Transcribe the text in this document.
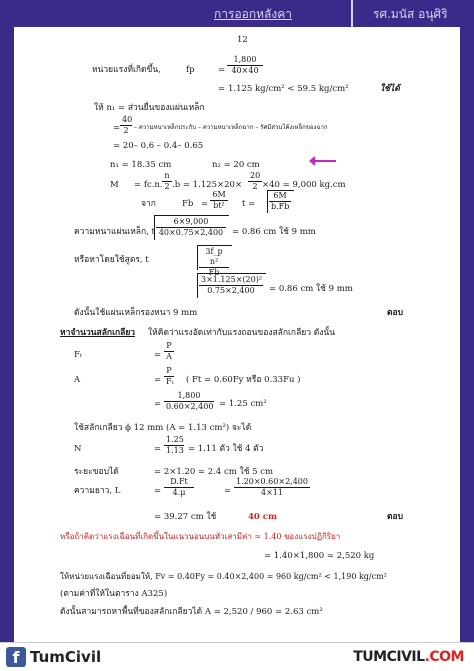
การออกหลังคา	รศ.มนัส อนุศิริ
12
หน่วยแรงที่เกิดขึ้น,	fp	= $\frac{1,800}{40\times 40}$
= 1.125 kg/cm² < 59.5 kg/cm²	ใช้ได้
ให้ n₁ = ส่วนยื่นของแผ่นเหล็ก
= $\frac{40}{2}$ – ความหนาเหล็กประกับ – ความหนาเหล็กฉาก – รัศมีส่วนโค้งเหล็กของฉาก
= 20– 0.6 – 0.4– 0.65
n₁ = 18.35 cm	n₂ = 20 cm
M = fc.n. $\frac{n}{2} .b = 1.125\times 20\times \frac{20}{2} \times 40 = 9,000$ kg.cm
จาก	$Fb = \frac{6M}{\text{bt²}}$ $t = \frac{6M}{b.Fb}$
ความหนาแผ่นเหล็ก, t $\frac{6\times 9,000}{40\times 0.75\times 2,400} = 0.86$ cm ใช้ 9 mm
หรือหาโดยใช้สูตร, t	$\frac{\text{3f\_p n²}}{Fb}$
$\frac{\text{3×1.125×(20)²}}{0.75\times 2,400} = 0.86$ cm ใช้ 9 mm
ดังนั้นใช้แผ่นเหล็กรองหนา 9 mm	ตอบ
หาจำนวนสลักเกลียว ให้คิดว่าแรงอัดเท่ากับแรงถอนของสลักเกลียว ดังนั้น
Fₜ	= $\frac{P}{A}$
A	= $\frac{P}{\text{Fₜ}}$ ( Ft = 0.60Fy หรือ 0.33Fu )
= $\frac{1,800}{0.60\times 2,400} = 1.25$ cm²
ใช้สลักเกลียว ϕ 12 mm (A = 1.13 cm²) จะได้
N	= $\frac{1.25}{1.13} = 1.11$ ตัว ใช้ 4 ตัว
ระยะขอบได้	= 2×1.20 = 2.4 cm ใช้ 5 cm
ความยาว, L	= $\frac{D.Ft}{4.\mu}$	= $\frac{1.20\times 0.60\times 2,400}{4\times 11}$
= 39.27 cm ใช้	40 cm	ตอบ
หรือถ้าคิดว่าแรงเฉือนที่เกิดขึ้นในแนวนอนบนหัวเสามีค่า ≈ 1.40 ของแรงปฏิกิริยา
= 1.40×1,800 = 2,520 kg
ให้หน่วยแรงเฉือนที่ยอมให้, Fv = 0.40Fy = 0.40×2,400 = 960 kg/cm² < 1,190 kg/cm²
(ตามค่าที่ให้ในตาราง A325)
ดังนั้นสามารถหาพื้นที่ของสลักเกลียวได้ A = 2,520 / 960 = 2.63 cm²
f TumCivil	TUMCIVIL.COM
